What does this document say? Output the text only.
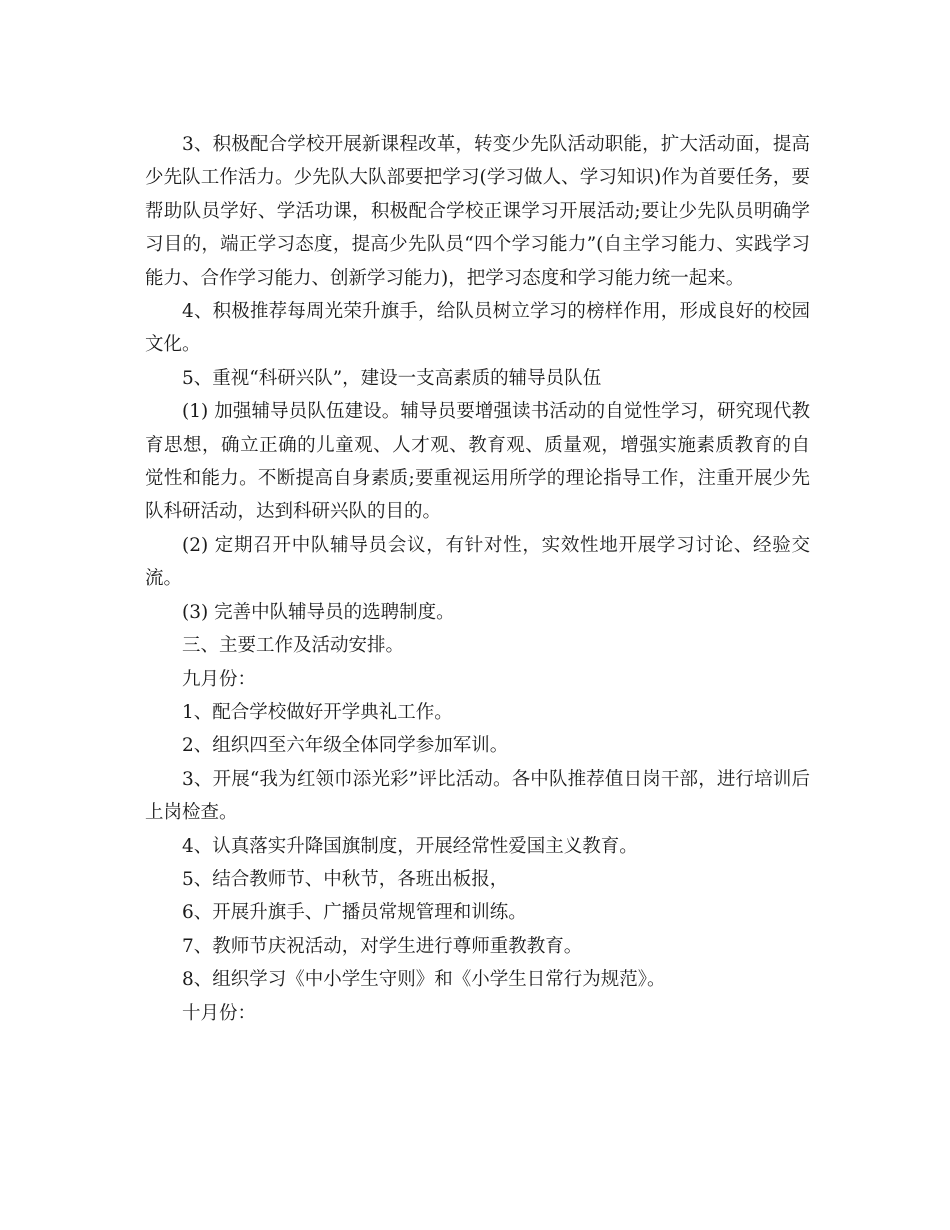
3、积极配合学校开展新课程改革，转变少先队活动职能，扩大活动面，提高少先队工作活力。少先队大队部要把学习(学习做人、学习知识)作为首要任务，要帮助队员学好、学活功课，积极配合学校正课学习开展活动;要让少先队员明确学习目的，端正学习态度，提高少先队员“四个学习能力”(自主学习能力、实践学习能力、合作学习能力、创新学习能力)，把学习态度和学习能力统一起来。

4、积极推荐每周光荣升旗手，给队员树立学习的榜样作用，形成良好的校园文化。

5、重视“科研兴队”，建设一支高素质的辅导员队伍

(1) 加强辅导员队伍建设。辅导员要增强读书活动的自觉性学习，研究现代教育思想，确立正确的儿童观、人才观、教育观、质量观，增强实施素质教育的自觉性和能力。不断提高自身素质;要重视运用所学的理论指导工作，注重开展少先队科研活动，达到科研兴队的目的。

(2) 定期召开中队辅导员会议，有针对性，实效性地开展学习讨论、经验交流。

(3) 完善中队辅导员的选聘制度。

三、主要工作及活动安排。

九月份：

1、配合学校做好开学典礼工作。

2、组织四至六年级全体同学参加军训。

3、开展“我为红领巾添光彩”评比活动。各中队推荐值日岗干部，进行培训后上岗检查。

4、认真落实升降国旗制度，开展经常性爱国主义教育。

5、结合教师节、中秋节，各班出板报，

6、开展升旗手、广播员常规管理和训练。

7、教师节庆祝活动，对学生进行尊师重教教育。

8、组织学习《中小学生守则》和《小学生日常行为规范》。

十月份：
